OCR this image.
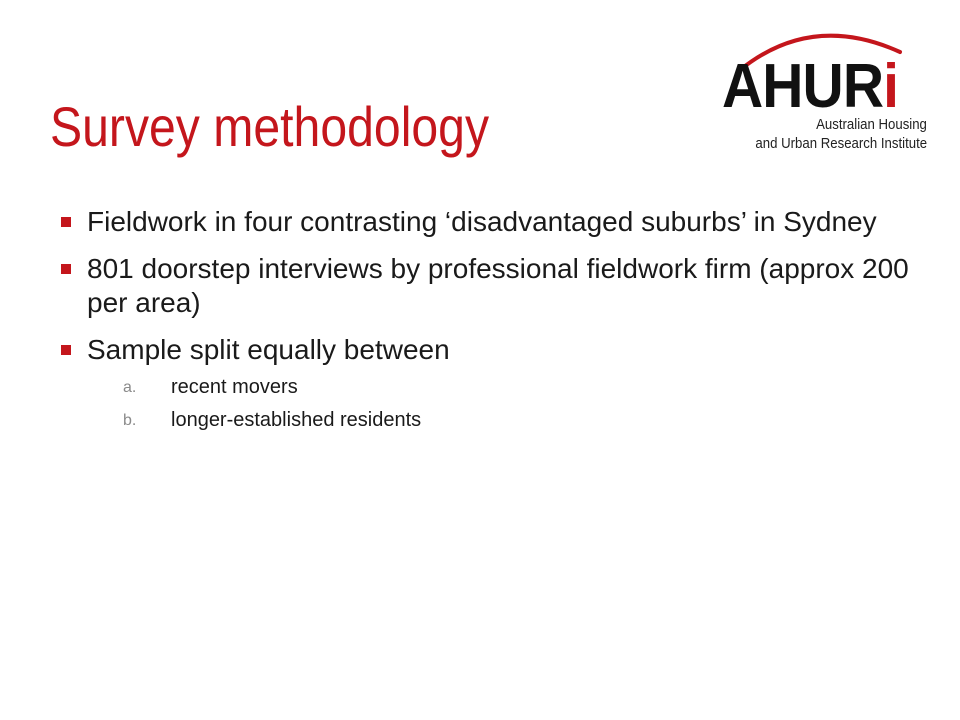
Survey methodology
AHURi
Australian Housing
and Urban Research Institute
Fieldwork in four contrasting ‘disadvantaged suburbs’ in Sydney
801 doorstep interviews by professional fieldwork firm (approx 200 per area)
Sample split equally between
a. recent movers
b. longer-established residents
